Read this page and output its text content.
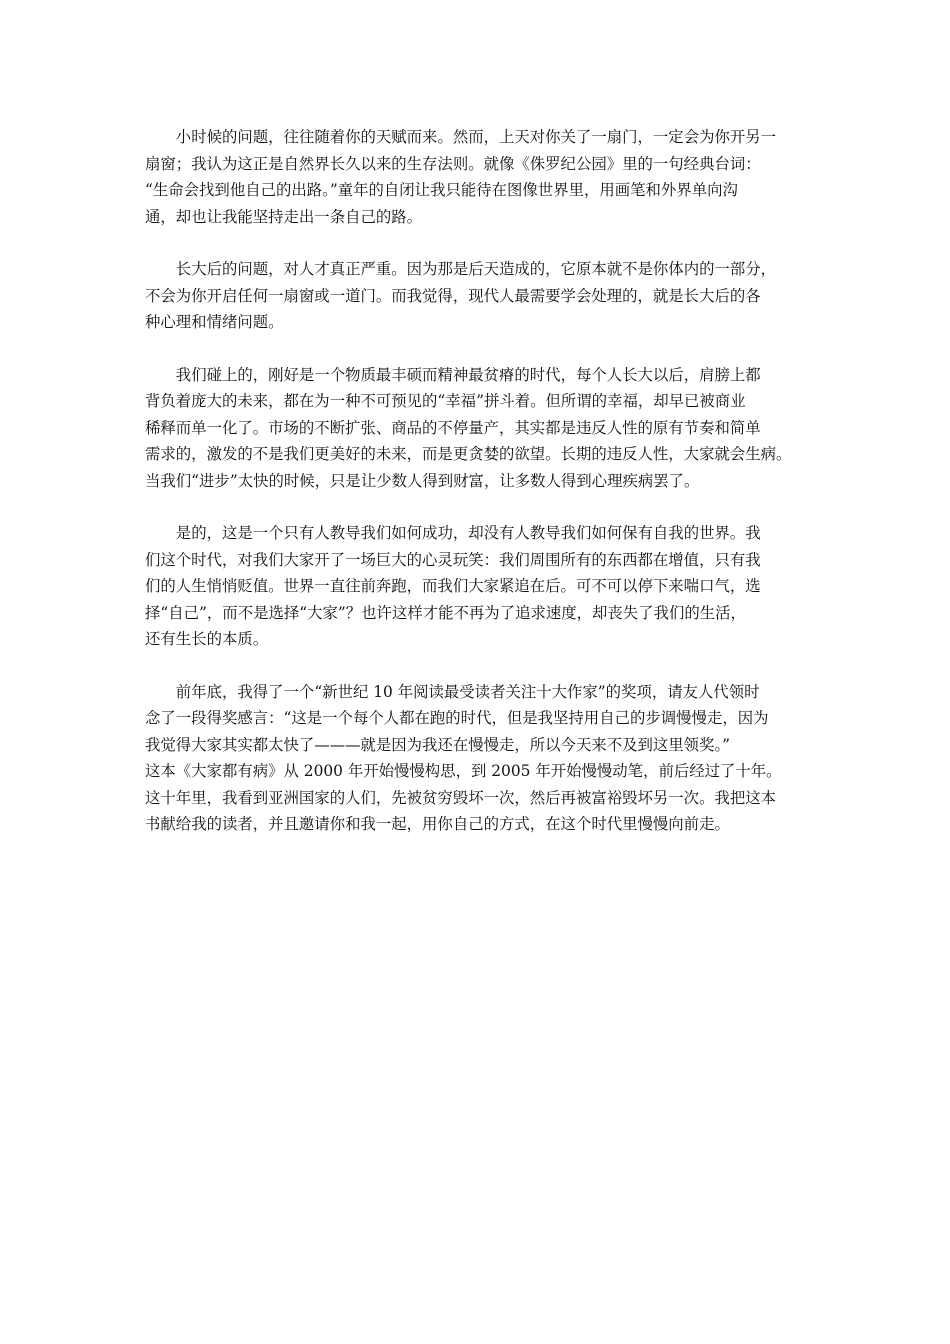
小时候的问题，往往随着你的天赋而来。然而，上天对你关了一扇门，一定会为你开另一
扇窗；我认为这正是自然界长久以来的生存法则。就像《侏罗纪公园》里的一句经典台词：
“生命会找到他自己的出路。”童年的自闭让我只能待在图像世界里，用画笔和外界单向沟
通，却也让我能坚持走出一条自己的路。
长大后的问题，对人才真正严重。因为那是后天造成的，它原本就不是你体内的一部分，
不会为你开启任何一扇窗或一道门。而我觉得，现代人最需要学会处理的，就是长大后的各
种心理和情绪问题。
我们碰上的，刚好是一个物质最丰硕而精神最贫瘠的时代，每个人长大以后，肩膀上都
背负着庞大的未来，都在为一种不可预见的“幸福”拼斗着。但所谓的幸福，却早已被商业
稀释而单一化了。市场的不断扩张、商品的不停量产，其实都是违反人性的原有节奏和简单
需求的，激发的不是我们更美好的未来，而是更贪婪的欲望。长期的违反人性，大家就会生病。
当我们“进步”太快的时候，只是让少数人得到财富，让多数人得到心理疾病罢了。
是的，这是一个只有人教导我们如何成功，却没有人教导我们如何保有自我的世界。我
们这个时代，对我们大家开了一场巨大的心灵玩笑：我们周围所有的东西都在增值，只有我
们的人生悄悄贬值。世界一直往前奔跑，而我们大家紧追在后。可不可以停下来喘口气，选
择“自己”，而不是选择“大家”？也许这样才能不再为了追求速度，却丧失了我们的生活，
还有生长的本质。
前年底，我得了一个“新世纪 10 年阅读最受读者关注十大作家”的奖项，请友人代领时
念了一段得奖感言：“这是一个每个人都在跑的时代，但是我坚持用自己的步调慢慢走，因为
我觉得大家其实都太快了———就是因为我还在慢慢走，所以今天来不及到这里领奖。”
这本《大家都有病》从 2000 年开始慢慢构思，到 2005 年开始慢慢动笔，前后经过了十年。
这十年里，我看到亚洲国家的人们，先被贫穷毁坏一次，然后再被富裕毁坏另一次。我把这本
书献给我的读者，并且邀请你和我一起，用你自己的方式，在这个时代里慢慢向前走。
